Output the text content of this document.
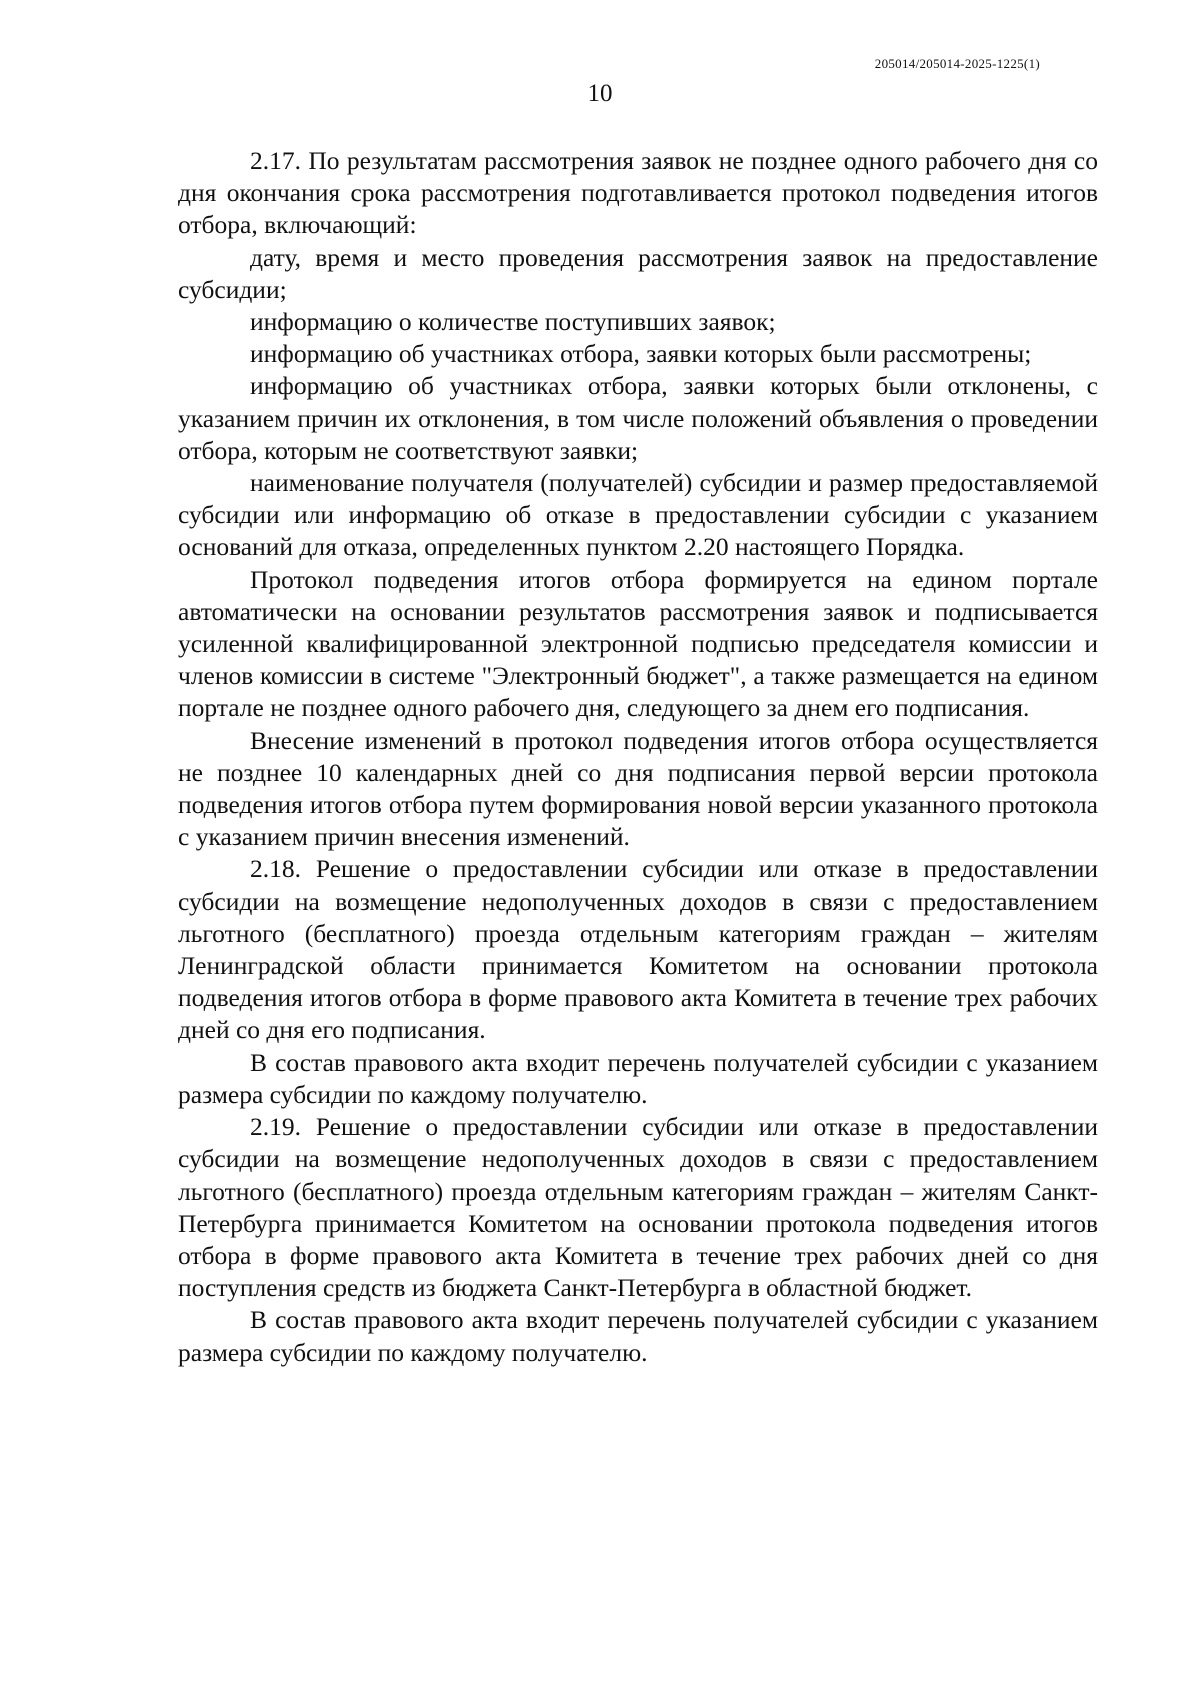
205014/205014-2025-1225(1)
10

2.17. По результатам рассмотрения заявок не позднее одного рабочего дня со дня окончания срока рассмотрения подготавливается протокол подведения итогов отбора, включающий:

дату, время и место проведения рассмотрения заявок на предоставление субсидии;

информацию о количестве поступивших заявок;

информацию об участниках отбора, заявки которых были рассмотрены;

информацию об участниках отбора, заявки которых были отклонены, с указанием причин их отклонения, в том числе положений объявления о проведении отбора, которым не соответствуют заявки;

наименование получателя (получателей) субсидии и размер предоставляемой субсидии или информацию об отказе в предоставлении субсидии с указанием оснований для отказа, определенных пунктом 2.20 настоящего Порядка.

Протокол подведения итогов отбора формируется на едином портале автоматически на основании результатов рассмотрения заявок и подписывается усиленной квалифицированной электронной подписью председателя комиссии и членов комиссии в системе "Электронный бюджет", а также размещается на едином портале не позднее одного рабочего дня, следующего за днем его подписания.

Внесение изменений в протокол подведения итогов отбора осуществляется не позднее 10 календарных дней со дня подписания первой версии протокола подведения итогов отбора путем формирования новой версии указанного протокола с указанием причин внесения изменений.

2.18. Решение о предоставлении субсидии или отказе в предоставлении субсидии на возмещение недополученных доходов в связи с предоставлением льготного (бесплатного) проезда отдельным категориям граждан – жителям Ленинградской области принимается Комитетом на основании протокола подведения итогов отбора в форме правового акта Комитета в течение трех рабочих дней со дня его подписания.

В состав правового акта входит перечень получателей субсидии с указанием размера субсидии по каждому получателю.

2.19. Решение о предоставлении субсидии или отказе в предоставлении субсидии на возмещение недополученных доходов в связи с предоставлением льготного (бесплатного) проезда отдельным категориям граждан – жителям Санкт-Петербурга принимается Комитетом на основании протокола подведения итогов отбора в форме правового акта Комитета в течение трех рабочих дней со дня поступления средств из бюджета Санкт-Петербурга в областной бюджет.

В состав правового акта входит перечень получателей субсидии с указанием размера субсидии по каждому получателю.
